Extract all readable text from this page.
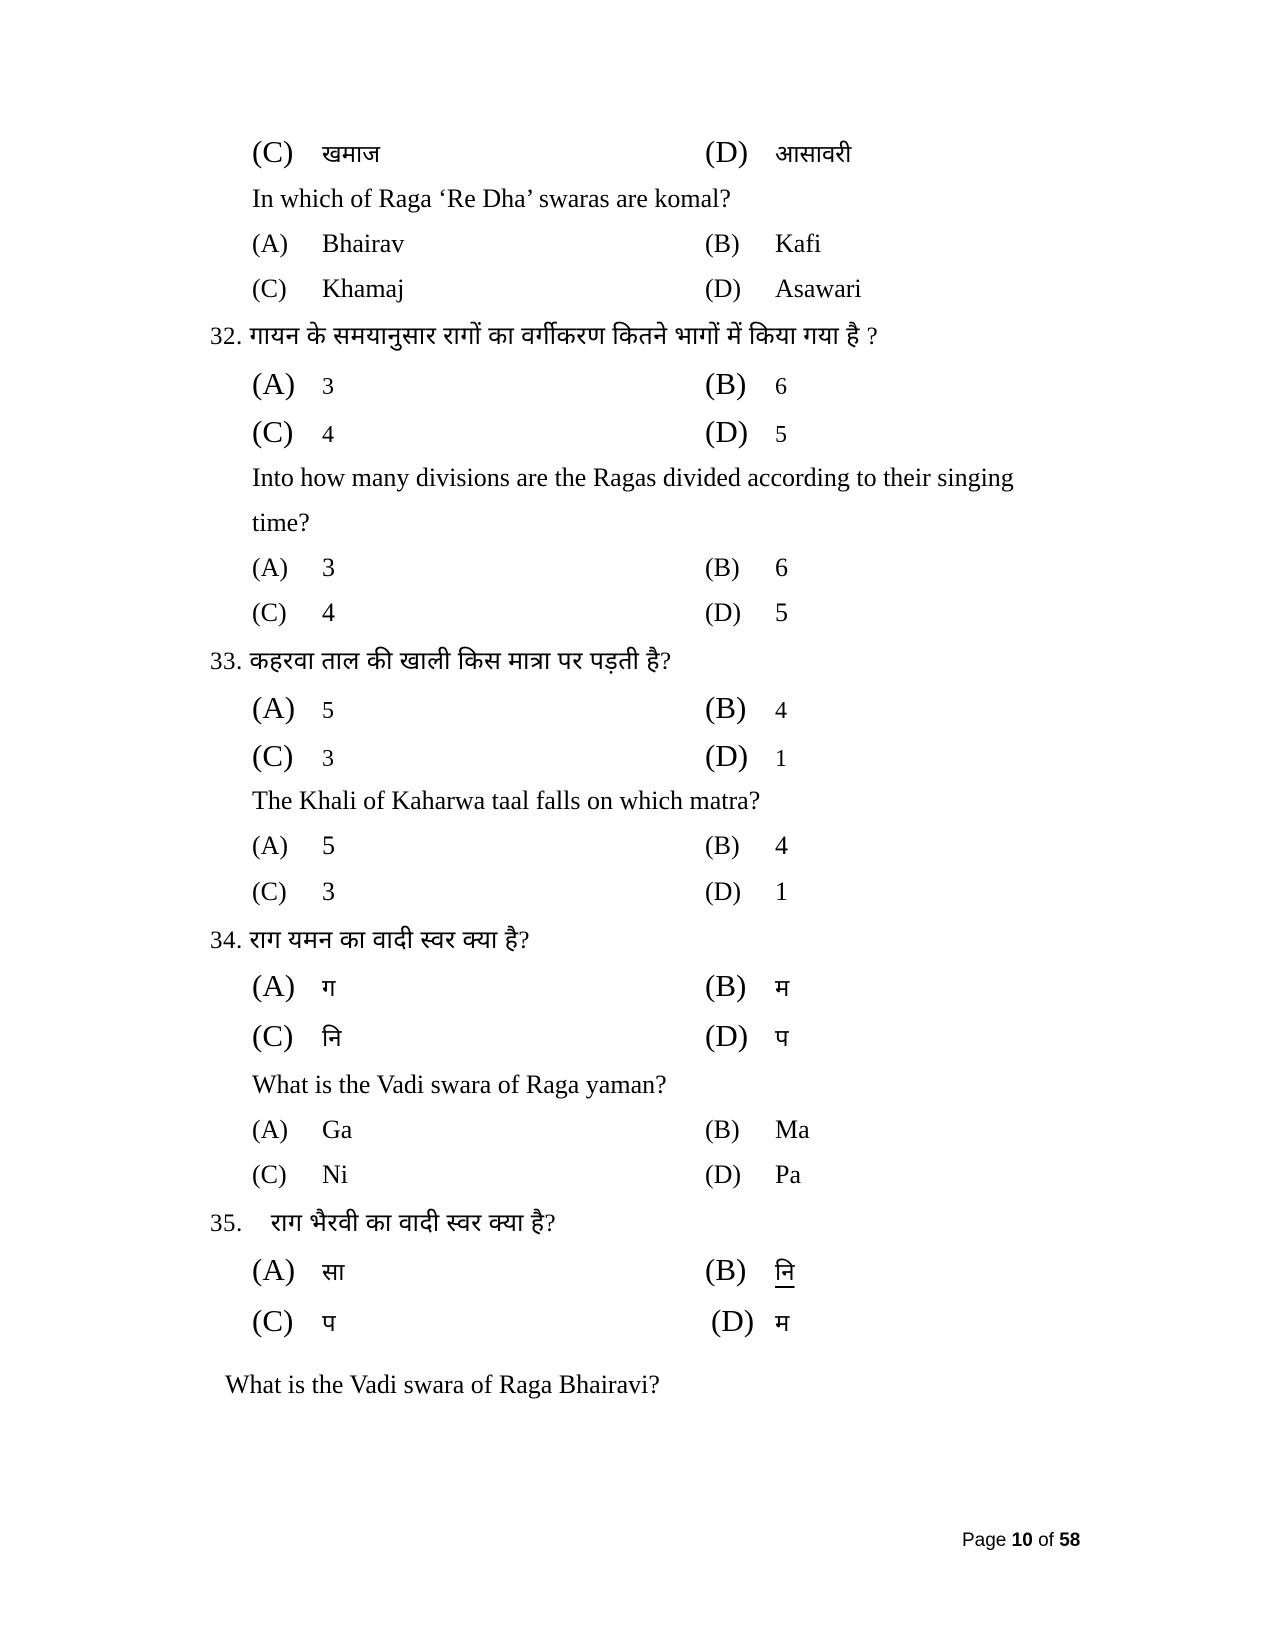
(C)	खमाज	(D)	आसावरी
In which of Raga ‘Re Dha’ swaras are komal?
(A)	Bhairav	(B)	Kafi
(C)	Khamaj	(D)	Asawari
32. गायन के समयानुसार रागों का वर्गीकरण कितने भागों में किया गया है ?
(A)	3	(B)	6
(C)	4	(D)	5
Into how many divisions are the Ragas divided according to their singing
time?
(A)	3	(B)	6
(C)	4	(D)	5
33. कहरवा ताल की खाली किस मात्रा पर पड़ती है?
(A)	5	(B)	4
(C)	3	(D)	1
The Khali of Kaharwa taal falls on which matra?
(A)	5	(B)	4
(C)	3	(D)	1
34. राग यमन का वादी स्वर क्या है?
(A)	ग	(B)	म
(C)	नि	(D)	प
What is the Vadi swara of Raga yaman?
(A)	Ga	(B)	Ma
(C)	Ni	(D)	Pa
35. राग भैरवी का वादी स्वर क्या है?
(A)	सा	(B)	नि
(C)	प	(D) म
What is the Vadi swara of Raga Bhairavi?
Page 10 of 58
